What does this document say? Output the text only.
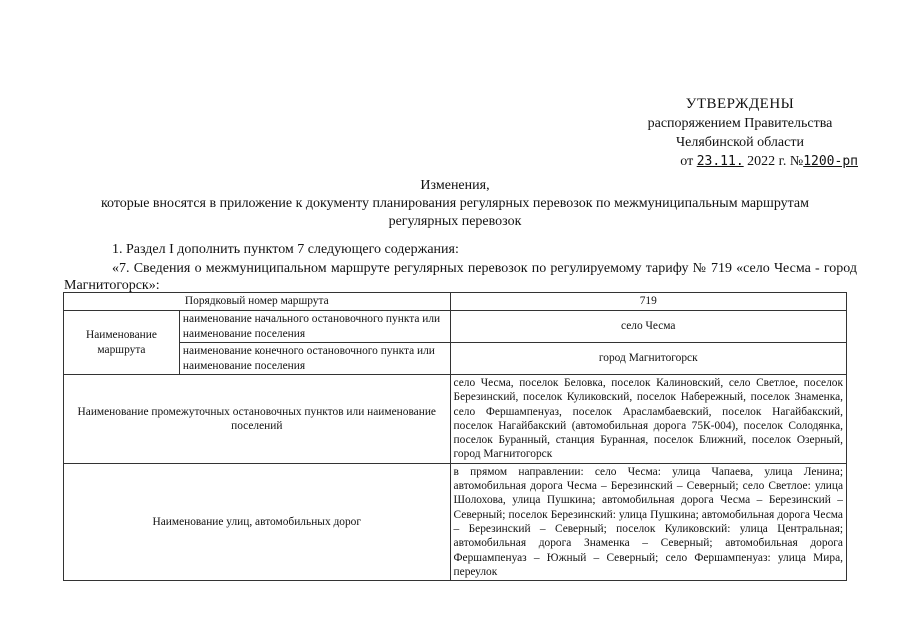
УТВЕРЖДЕНЫ
распоряжением Правительства
Челябинской области
от 23.11. 2022 г. №1200-рп
Изменения,
которые вносятся в приложение к документу планирования регулярных перевозок по межмуниципальным маршрутам
регулярных перевозок
1. Раздел I дополнить пунктом 7 следующего содержания:
«7. Сведения о межмуниципальном маршруте регулярных перевозок по регулируемому тарифу № 719 «село Чесма - город Магнитогорск»:
Порядковый номер маршрута		719
Наименование маршрута	наименование начального остановочного пункта или наименование поселения	село Чесма
	наименование конечного остановочного пункта или наименование поселения	город Магнитогорск
Наименование промежуточных остановочных пунктов или наименование поселений		село Чесма, поселок Беловка, поселок Калиновский, село Светлое, поселок Березинский, поселок Куликовский, поселок Набережный, поселок Знаменка, село Фершампенуаз, поселок Арасламбаевский, поселок Нагайбакский, поселок Нагайбакский (автомобильная дорога 75К-004), поселок Солодянка, поселок Буранный, станция Буранная, поселок Ближний, поселок Озерный, город Магнитогорск
Наименование улиц, автомобильных дорог		в прямом направлении: село Чесма: улица Чапаева, улица Ленина; автомобильная дорога Чесма – Березинский – Северный; село Светлое: улица Шолохова, улица Пушкина; автомобильная дорога Чесма – Березинский – Северный; поселок Березинский: улица Пушкина; автомобильная дорога Чесма – Березинский – Северный; поселок Куликовский: улица Центральная; автомобильная дорога Знаменка – Северный; автомобильная дорога Фершампенуаз – Южный – Северный; село Фершампенуаз: улица Мира, переулок
